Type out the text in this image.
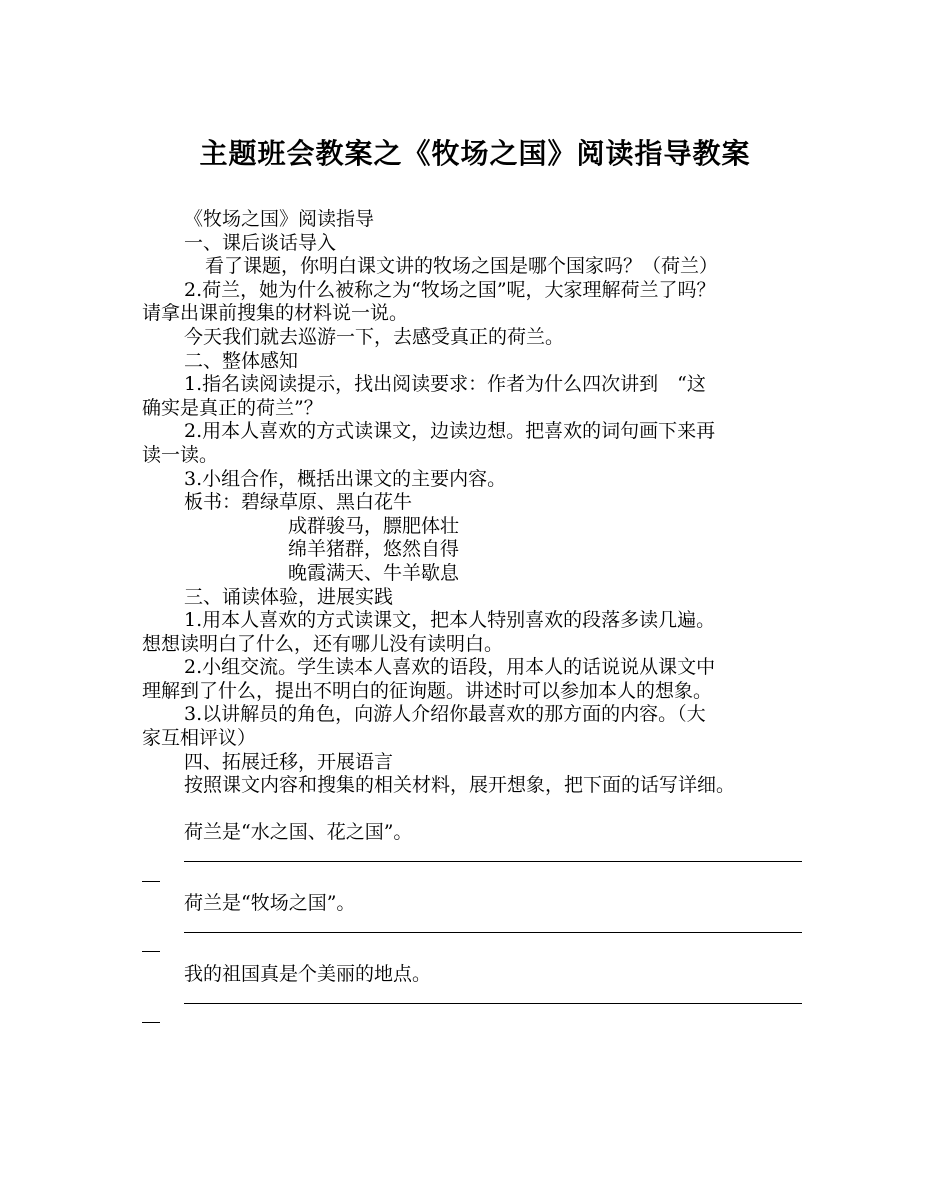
主题班会教案之《牧场之国》阅读指导教案

《牧场之国》阅读指导

一、课后谈话导入

看了课题，你明白课文讲的牧场之国是哪个国家吗？（荷兰）

2.荷兰，她为什么被称之为“牧场之国”呢，大家理解荷兰了吗？

请拿出课前搜集的材料说一说。

今天我们就去巡游一下，去感受真正的荷兰。

二、整体感知

1.指名读阅读提示，找出阅读要求：作者为什么四次讲到　“这

确实是真正的荷兰”？

2.用本人喜欢的方式读课文，边读边想。把喜欢的词句画下来再

读一读。

3.小组合作，概括出课文的主要内容。

板书：碧绿草原、黑白花牛

成群骏马，膘肥体壮

绵羊猪群，悠然自得

晚霞满天、牛羊歇息

三、诵读体验，进展实践

1.用本人喜欢的方式读课文，把本人特别喜欢的段落多读几遍。

想想读明白了什么，还有哪儿没有读明白。

2.小组交流。学生读本人喜欢的语段，用本人的话说说从课文中

理解到了什么，提出不明白的征询题。讲述时可以参加本人的想象。

3.以讲解员的角色，向游人介绍你最喜欢的那方面的内容。（大

家互相评议）

四、拓展迁移，开展语言

按照课文内容和搜集的相关材料，展开想象，把下面的话写详细。

荷兰是“水之国、花之国”。

荷兰是“牧场之国”。

我的祖国真是个美丽的地点。
